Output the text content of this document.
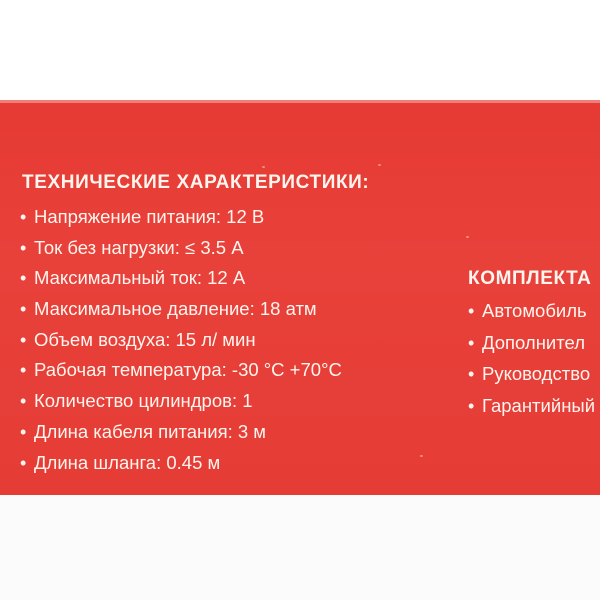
ТЕХНИЧЕСКИЕ ХАРАКТЕРИСТИКИ:
• Напряжение питания: 12 В
• Ток без нагрузки: ≤ 3.5 А
• Максимальный ток: 12 А
• Максимальное давление: 18 атм
• Объем воздуха: 15 л/ мин
• Рабочая температура: -30 °C +70°C
• Количество цилиндров: 1
• Длина кабеля питания: 3 м
• Длина шланга: 0.45 м
КОМПЛЕКТА
• Автомобиль
• Дополнител
• Руководство
• Гарантийный
